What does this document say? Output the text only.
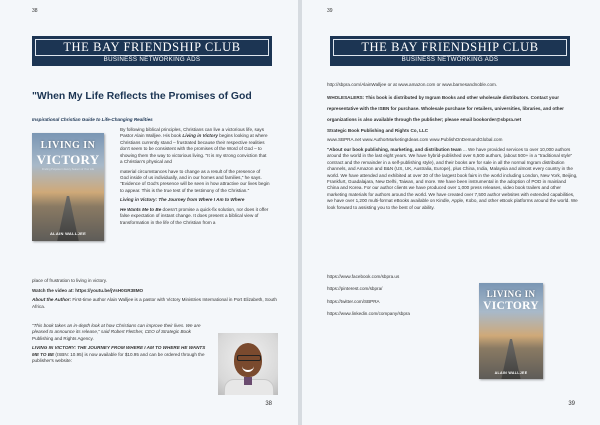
38
THE BAY FRIENDSHIP CLUB
BUSINESS NETWORKING ADS
"When My Life Reflects the Promises of God
Inspirational Christian Guide to Life-Changing Realities
LIVING IN
VICTORY
Finding Purpose in Every Season of Your Life
ALAIN WALLJEE

By following biblical principles, Christians can live a victorious life, says Pastor Alain Walljee. His book Living in Victory begins looking at where Christians currently stand – frustrated because their respective realities don't seem to be consistent with the promises of the Word of God – to showing them the way to victorious living. "It is my strong conviction that a Christian's physical and

material circumstances have to change as a result of the presence of God inside of us individually, and in our homes and families," he says. "Evidence of God's presence will be seen in how attractive our lives begin to appear. This is the true test of the testimony of the Christian."

Living in Victory: The Journey from Where I Am to Where

He Wants Me to Be doesn't promise a quick-fix solution, nor does it offer false expectation of instant change. It does present a biblical view of transformation in the life of the Christian from a

place of frustration to living in victory.

Watch the video at: https://youtu.be/jVsH0GR38MO

About the Author: First-time author Alain Walljee is a pastor with Victory Ministries International in Port Elizabeth, South Africa.

"This book takes an in-depth look at how Christians can improve their lives. We are pleased to announce its release," said Robert Fletcher, CEO of Strategic Book
Publishing and Rights Agency.

LIVING IN VICTORY: THE JOURNEY FROM WHERE I AM TO WHERE HE WANTS
ME TO BE (ISBN: 10.95) is now available for $10.95 and can be ordered through the publisher's website:

38
39
THE BAY FRIENDSHIP CLUB
BUSINESS NETWORKING ADS

http://sbpra.com/AlainWalljee or at www.amazon.com or www.barnesandnoble.com.

WHOLESALERS: This book is distributed by Ingram Books and other wholesale distributors. Contact your representative with the ISBN for purchase. Wholesale purchase for retailers, universities, libraries, and other organizations is also available through the publisher; please email bookorder@sbpra.net

Strategic Book Publishing and Rights Co, LLC

www.SBPRA.net www.AuthorMarketingIdeas.com www.PublishOnDemandGlobal.com

"About our book publishing, marketing, and distribution team ... We have provided services to over 10,000 authors around the world in the last eight years. We have hybrid-published over 6,500 authors, (about 500+ in a "traditional style" contract and the remainder in a self-publishing style), and their books are for sale in all the normal Ingram distribution channels, and Amazon and B&N (US, UK, Australia, Europe), plus China, India, Malaysia and almost every country in the world. We have attended and exhibited at over 30 of the largest book fairs in the world including London, New York, Beijing, Frankfurt, Guadalajara, New Delhi, Taiwan, and more. We have been instrumental in the adoption of POD in mainland China and Korea. For our author clients we have produced over 1,000 press releases, video book trailers and other marketing materials for authors around the world. We have created over 7,500 author websites with extended capabilities, we have over 1,200 multi-format eBooks available on Kindle, Apple, Kobo, and other eBook platforms around the world. We look forward to assisting you to the best of our ability.

https://www.facebook.com/sbpra.us

https://pinterest.com/sbpra/

https://twitter.com/SBPRA

https://www.linkedin.com/company/sbpra

LIVING IN
VICTORY
ALAIN WALLJEE
39
